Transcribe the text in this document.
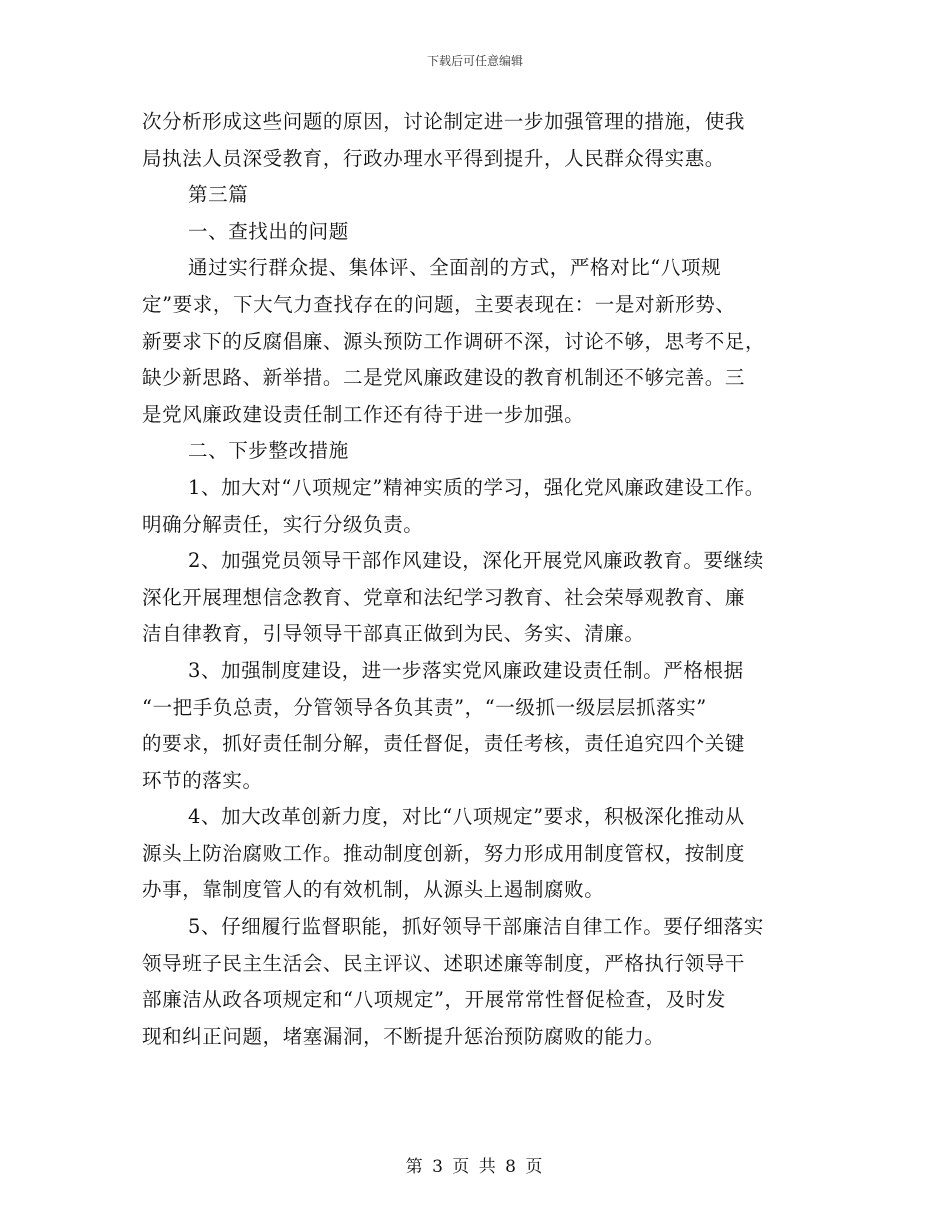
下载后可任意编辑
次分析形成这些问题的原因，讨论制定进一步加强管理的措施，使我
局执法人员深受教育，行政办理水平得到提升，人民群众得实惠。
第三篇
一、查找出的问题
通过实行群众提、集体评、全面剖的方式，严格对比“八项规
定”要求，下大气力查找存在的问题，主要表现在：一是对新形势、
新要求下的反腐倡廉、源头预防工作调研不深，讨论不够，思考不足，
缺少新思路、新举措。二是党风廉政建设的教育机制还不够完善。三
是党风廉政建设责任制工作还有待于进一步加强。
二、下步整改措施
1、加大对“八项规定”精神实质的学习，强化党风廉政建设工作。
明确分解责任，实行分级负责。
2、加强党员领导干部作风建设，深化开展党风廉政教育。要继续
深化开展理想信念教育、党章和法纪学习教育、社会荣辱观教育、廉
洁自律教育，引导领导干部真正做到为民、务实、清廉。
3、加强制度建设，进一步落实党风廉政建设责任制。严格根据
“一把手负总责，分管领导各负其责”，“一级抓一级层层抓落实”
的要求，抓好责任制分解，责任督促，责任考核，责任追究四个关键
环节的落实。
4、加大改革创新力度，对比“八项规定”要求，积极深化推动从
源头上防治腐败工作。推动制度创新，努力形成用制度管权，按制度
办事，靠制度管人的有效机制，从源头上遏制腐败。
5、仔细履行监督职能，抓好领导干部廉洁自律工作。要仔细落实
领导班子民主生活会、民主评议、述职述廉等制度，严格执行领导干
部廉洁从政各项规定和“八项规定”，开展常常性督促检查，及时发
现和纠正问题，堵塞漏洞，不断提升惩治预防腐败的能力。
第 3 页 共 8 页
